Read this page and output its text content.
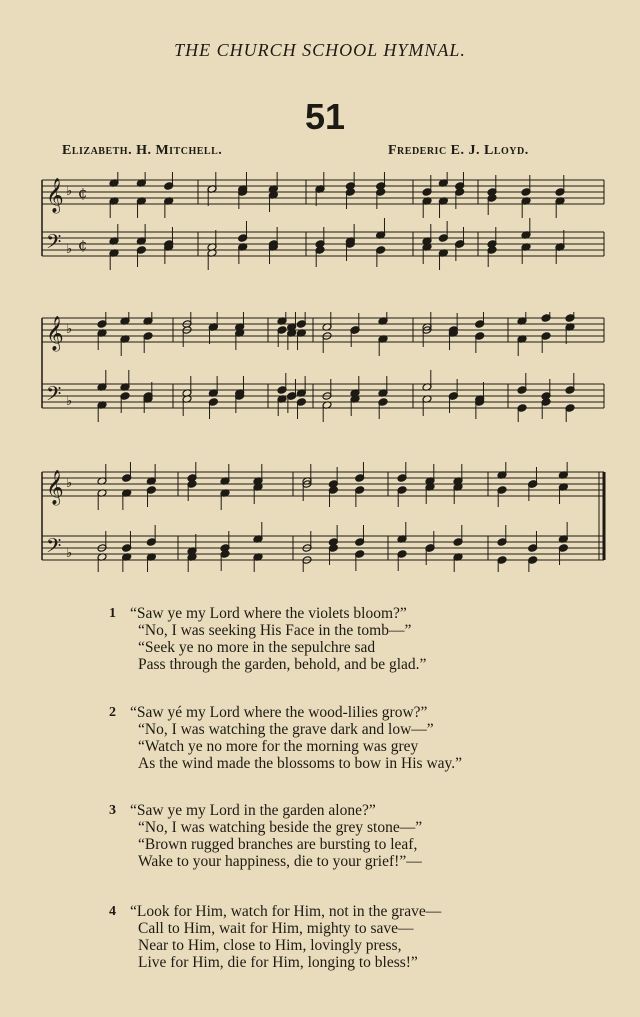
THE CHURCH SCHOOL HYMNAL.
51
Elizabeth. H. Mitchell.	Frederic E. J. Lloyd.
𝄞
𝄢
♭
♭
¢
¢
𝄞
𝄢
♭
♭
𝄞
𝄢
♭
♭
1 “Saw ye my Lord where the violets bloom?”
“No, I was seeking His Face in the tomb—”
“Seek ye no more in the sepulchre sad
Pass through the garden, behold, and be glad.”
2 “Saw yé my Lord where the wood-lilies grow?”
“No, I was watching the grave dark and low—”
“Watch ye no more for the morning was grey
As the wind made the blossoms to bow in His way.”
3 “Saw ye my Lord in the garden alone?”
“No, I was watching beside the grey stone—”
“Brown rugged branches are bursting to leaf,
Wake to your happiness, die to your grief!”—
4 “Look for Him, watch for Him, not in the grave—
Call to Him, wait for Him, mighty to save—
Near to Him, close to Him, lovingly press,
Live for Him, die for Him, longing to bless!”
